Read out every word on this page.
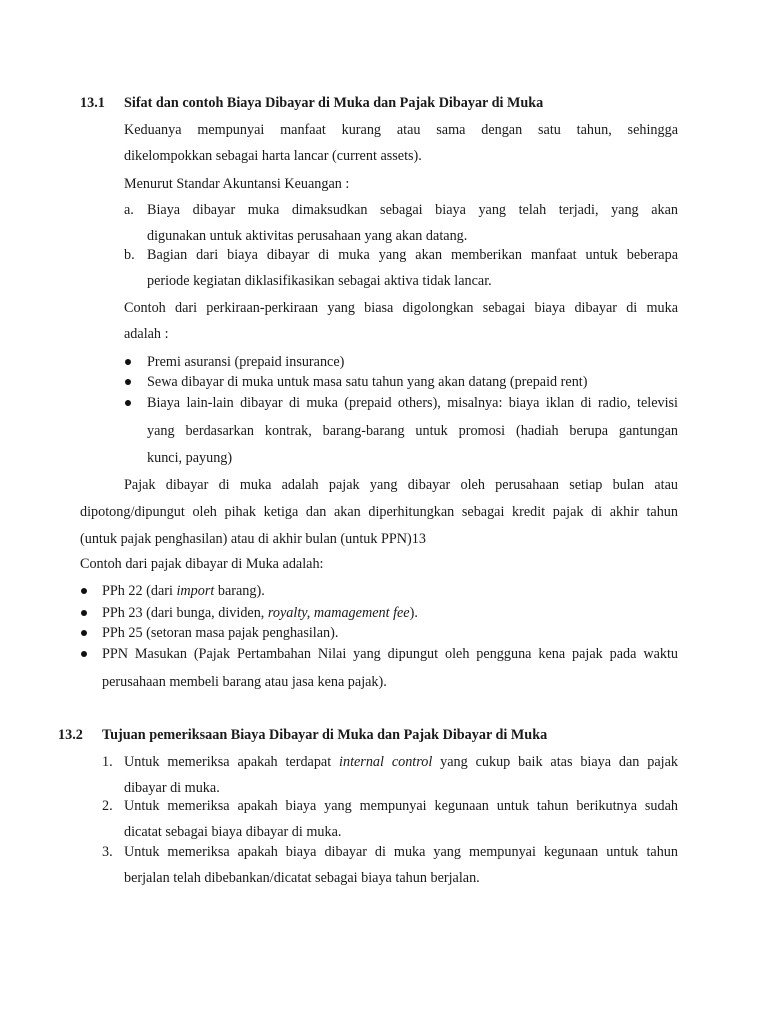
13.1 Sifat dan contoh Biaya Dibayar di Muka dan Pajak Dibayar di Muka
Keduanya mempunyai manfaat kurang atau sama dengan satu tahun, sehingga
dikelompokkan sebagai harta lancar (current assets).
Menurut Standar Akuntansi Keuangan :
a. Biaya dibayar muka dimaksudkan sebagai biaya yang telah terjadi, yang akan
digunakan untuk aktivitas perusahaan yang akan datang.
b. Bagian dari biaya dibayar di muka yang akan memberikan manfaat untuk beberapa
periode kegiatan diklasifikasikan sebagai aktiva tidak lancar.
Contoh dari perkiraan-perkiraan yang biasa digolongkan sebagai biaya dibayar di muka
adalah :
Premi asuransi (prepaid insurance)
Sewa dibayar di muka untuk masa satu tahun yang akan datang (prepaid rent)
Biaya lain-lain dibayar di muka (prepaid others), misalnya: biaya iklan di radio, televisi
yang berdasarkan kontrak, barang-barang untuk promosi (hadiah berupa gantungan
kunci, payung)
Pajak dibayar di muka adalah pajak yang dibayar oleh perusahaan setiap bulan atau
dipotong/dipungut oleh pihak ketiga dan akan diperhitungkan sebagai kredit pajak di akhir tahun
(untuk pajak penghasilan) atau di akhir bulan (untuk PPN)13
Contoh dari pajak dibayar di Muka adalah:
PPh 22 (dari import barang).
PPh 23 (dari bunga, dividen, royalty, mamagement fee).
PPh 25 (setoran masa pajak penghasilan).
PPN Masukan (Pajak Pertambahan Nilai yang dipungut oleh pengguna kena pajak pada waktu
perusahaan membeli barang atau jasa kena pajak).
13.2 Tujuan pemeriksaan Biaya Dibayar di Muka dan Pajak Dibayar di Muka
1. Untuk memeriksa apakah terdapat internal control yang cukup baik atas biaya dan pajak
dibayar di muka.
2. Untuk memeriksa apakah biaya yang mempunyai kegunaan untuk tahun berikutnya sudah
dicatat sebagai biaya dibayar di muka.
3. Untuk memeriksa apakah biaya dibayar di muka yang mempunyai kegunaan untuk tahun
berjalan telah dibebankan/dicatat sebagai biaya tahun berjalan.
